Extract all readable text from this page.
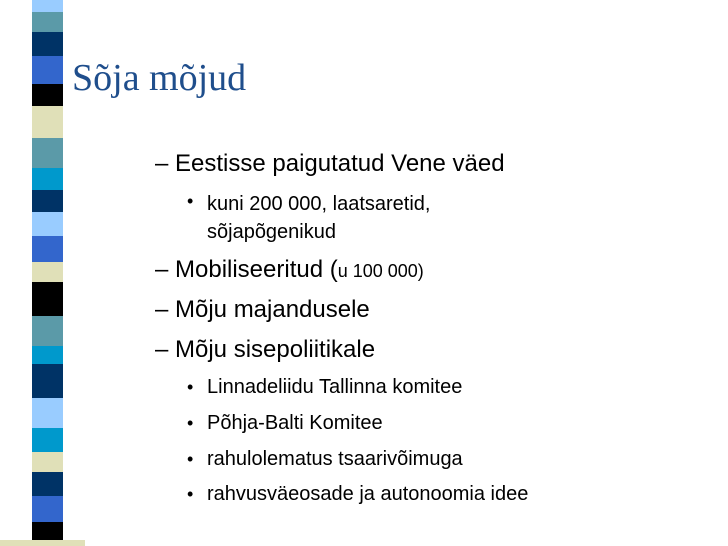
Sõja mõjud
– Eestisse paigutatud Vene väed
• kuni 200 000, laatsaretid, sõjapõgenikud
– Mobiliseeritud (u 100 000)
– Mõju majandusele
– Mõju sisepoliitikale
• Linnadeliidu Tallinna komitee
• Põhja-Balti Komitee
• rahulolematus tsaarivõimuga
• rahvusväeosade ja autonoomia idee
